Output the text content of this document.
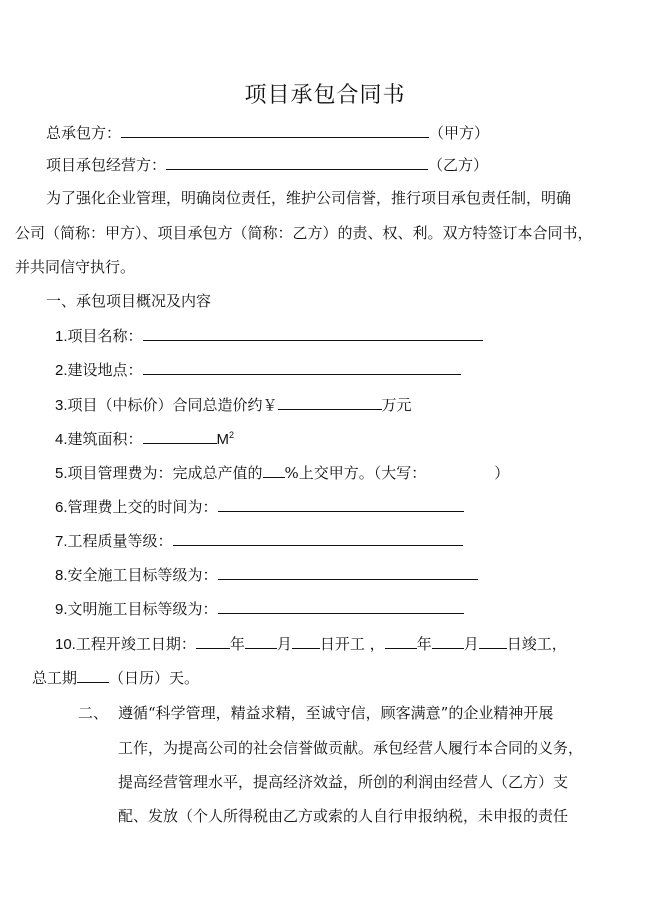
项目承包合同书
总承包方：	（甲方）
项目承包经营方：	（乙方）
为了强化企业管理，明确岗位责任，维护公司信誉，推行项目承包责任制，明确
公司（简称：甲方）、项目承包方（简称：乙方）的责、权、利。双方特签订本合同书，
并共同信守执行。
一、承包项目概况及内容
1.项目名称：
2.建设地点：
3.项目（中标价）合同总造价约￥	万元
4.建筑面积：	$M^2$
5.项目管理费为：完成总产值的 %上交甲方。（大写：	）
6.管理费上交的时间为：
7.工程质量等级：
8.安全施工目标等级为：
9.文明施工目标等级为：
10.工程开竣工日期： 年 月 日开工 ， 年 月 日竣工，
总工期 （日历）天。
二、 遵循“科学管理，精益求精，至诚守信，顾客满意”的企业精神开展
工作，为提高公司的社会信誉做贡献。承包经营人履行本合同的义务，
提高经营管理水平，提高经济效益，所创的利润由经营人（乙方）支
配、发放（个人所得税由乙方或索的人自行申报纳税，未申报的责任
